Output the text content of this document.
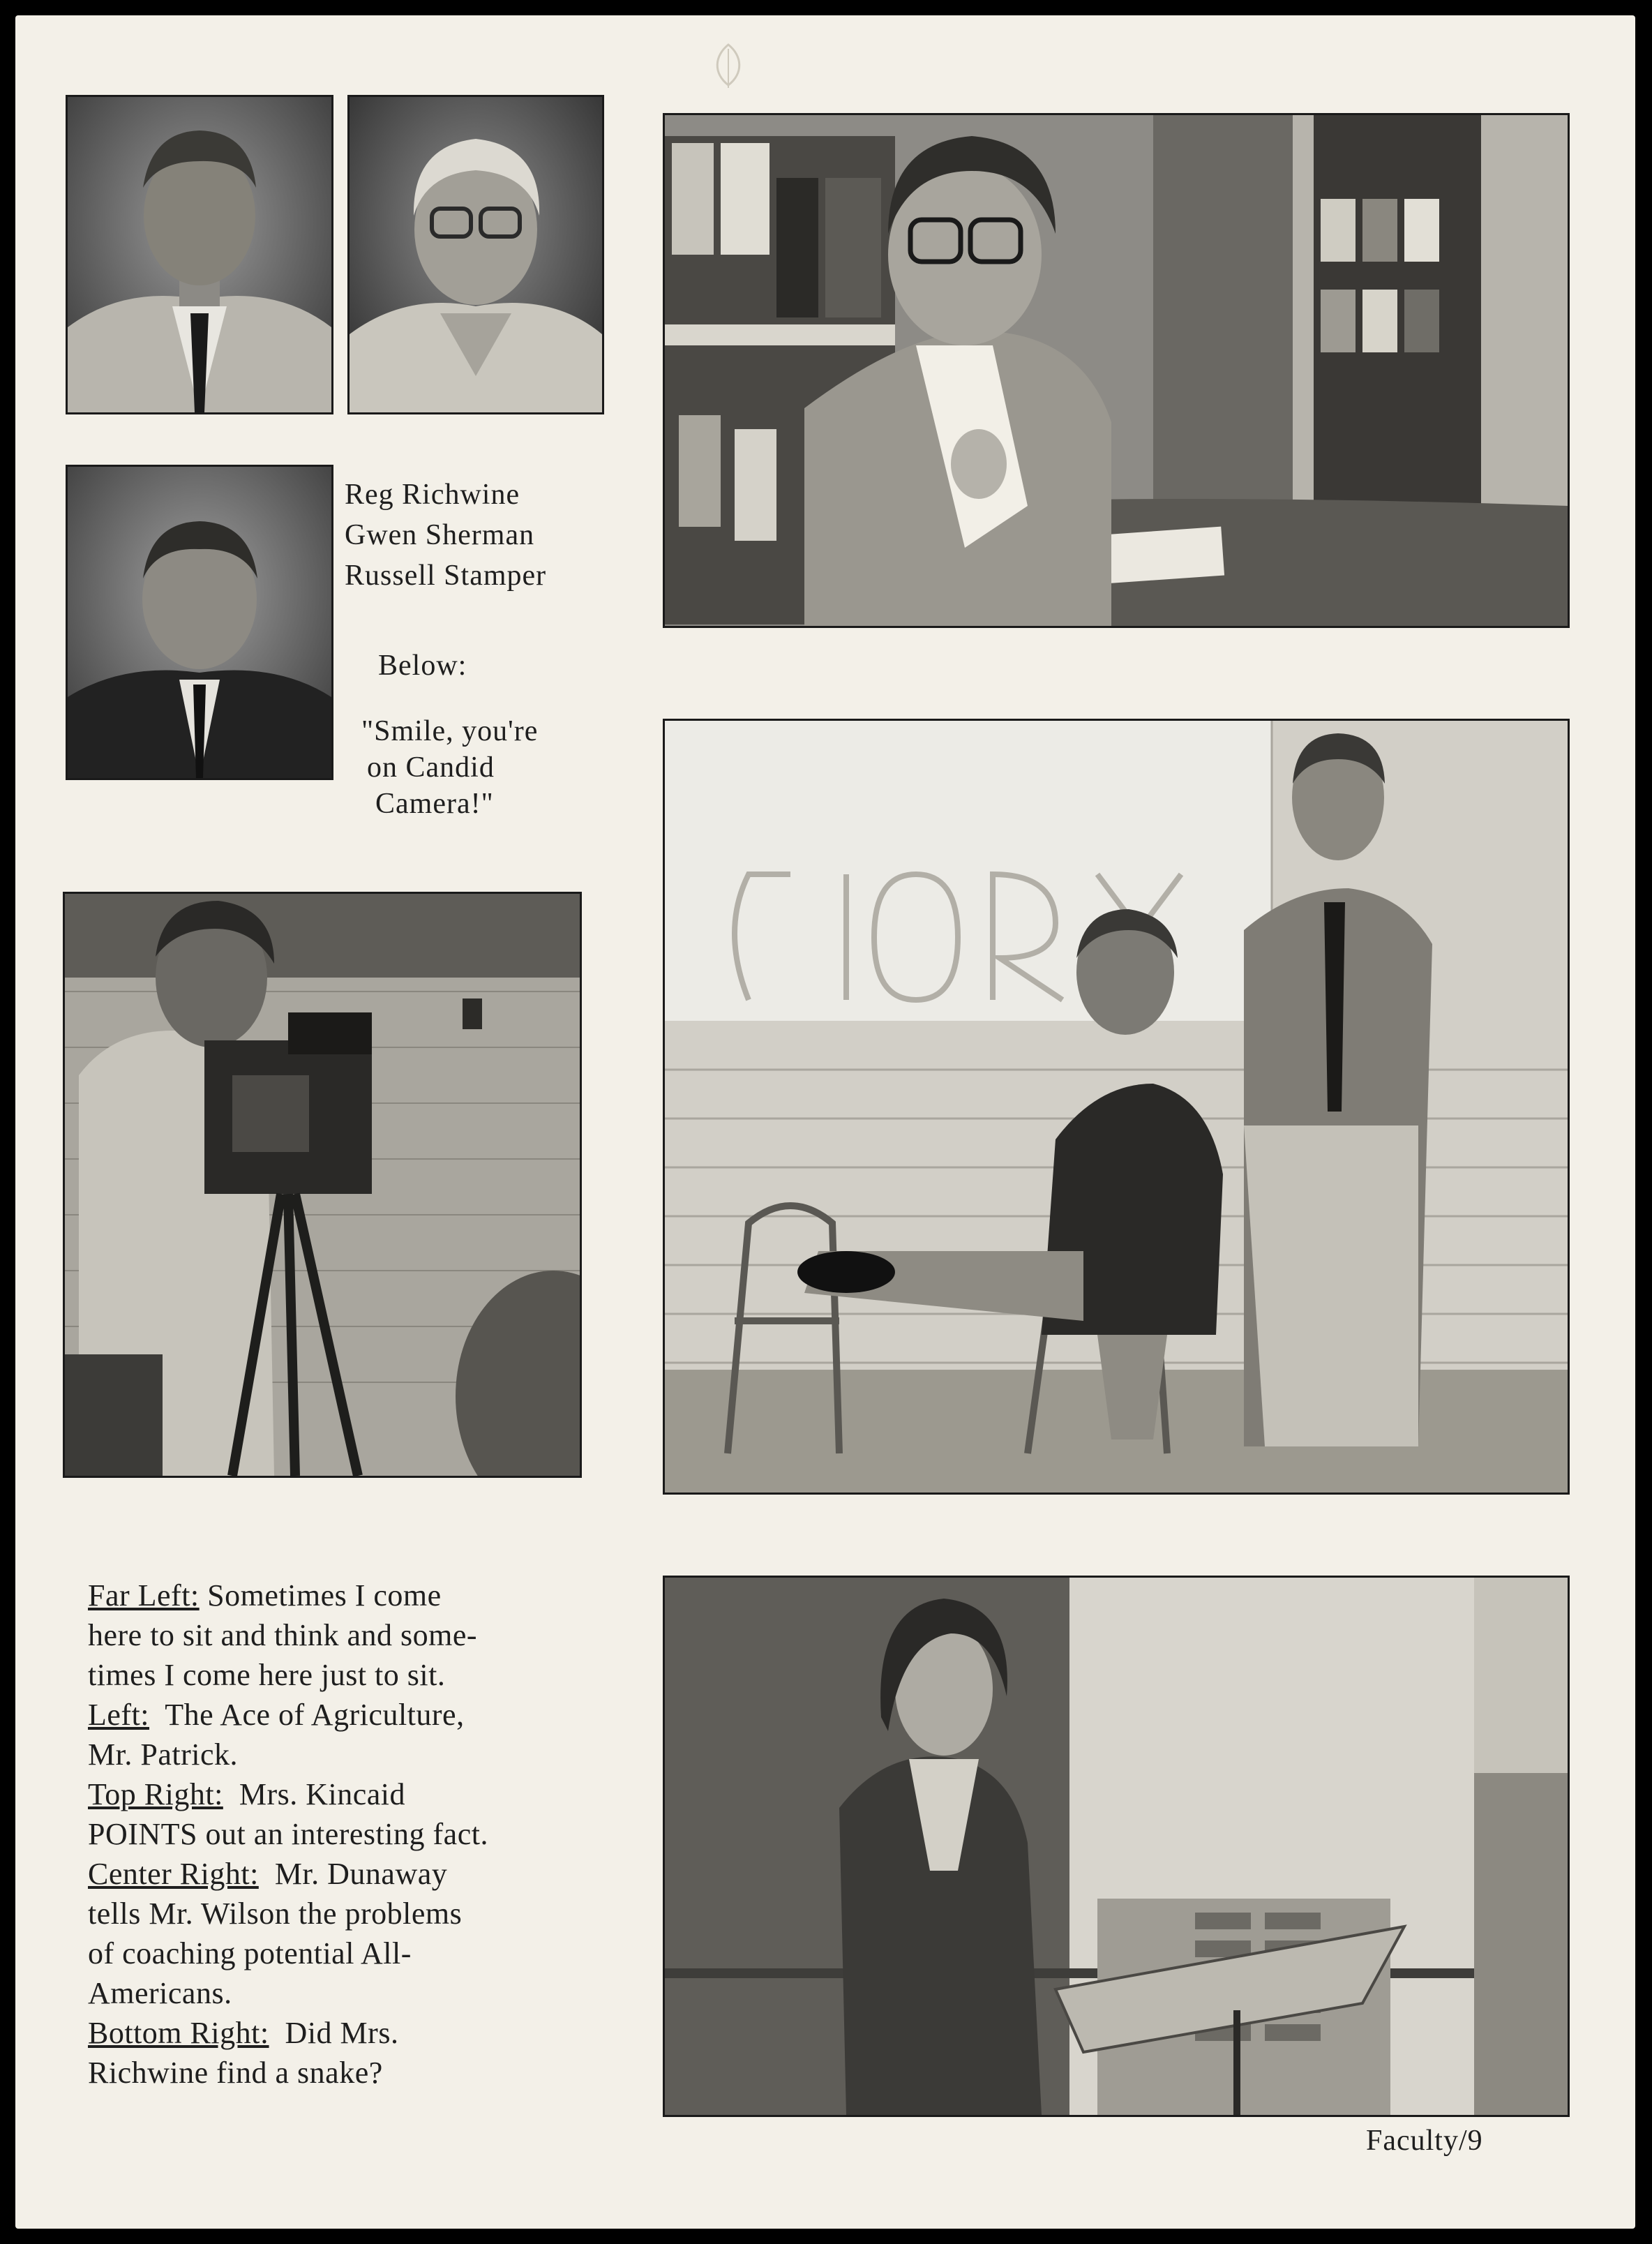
Reg Richwine
Gwen Sherman
Russell Stamper
Below:
"Smile, you're
on Candid
Camera!"
Far Left: Sometimes I come
here to sit and think and some-
times I come here just to sit.
Left:  The Ace of Agriculture,
Mr. Patrick.
Top Right:  Mrs. Kincaid
POINTS out an interesting fact.
Center Right:  Mr. Dunaway
tells Mr. Wilson the problems
of coaching potential All-
Americans.
Bottom Right:  Did Mrs.
Richwine find a snake?
Faculty/9
